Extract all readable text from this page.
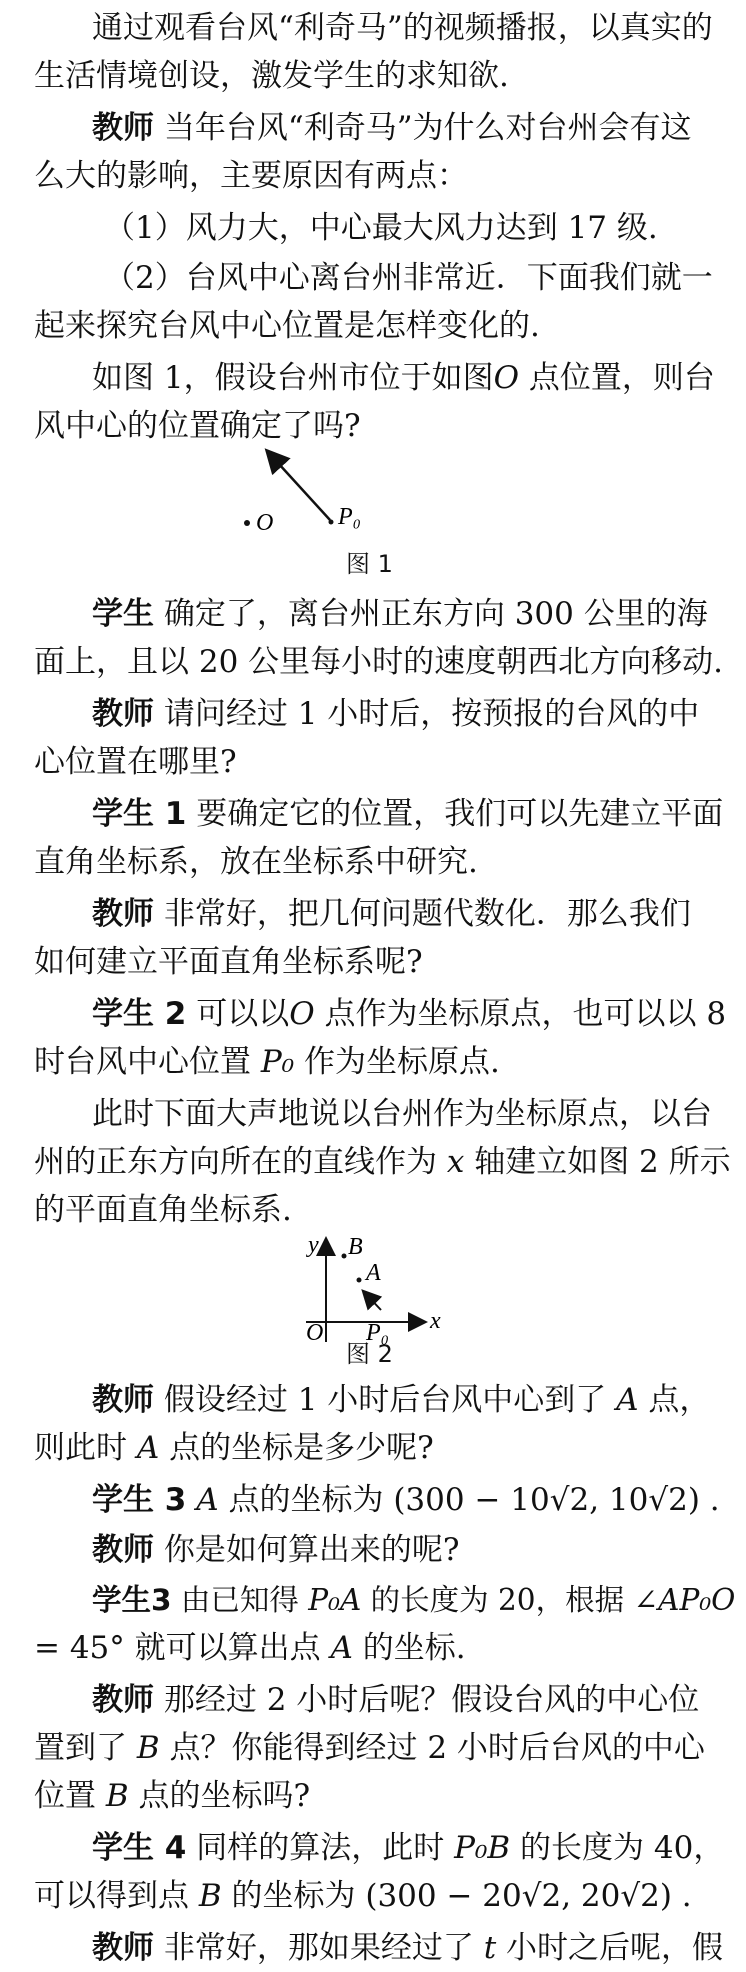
通过观看台风“利奇马”的视频播报，以真实的
生活情境创设，激发学生的求知欲.
教师 当年台风“利奇马”为什么对台州会有这
么大的影响，主要原因有两点：
（1）风力大，中心最大风力达到 17 级.
（2）台风中心离台州非常近．下面我们就一
起来探究台风中心位置是怎样变化的.
如图 1，假设台州市位于如图O 点位置，则台
风中心的位置确定了吗?
学生 确定了，离台州正东方向 300 公里的海
面上，且以 20 公里每小时的速度朝西北方向移动.
教师 请问经过 1 小时后，按预报的台风的中
心位置在哪里?
学生 1 要确定它的位置，我们可以先建立平面
直角坐标系，放在坐标系中研究.
教师 非常好，把几何问题代数化．那么我们
如何建立平面直角坐标系呢?
学生 2 可以以O 点作为坐标原点，也可以以 8
时台风中心位置 P₀ 作为坐标原点.
此时下面大声地说以台州作为坐标原点，以台
州的正东方向所在的直线作为 x 轴建立如图 2 所示
的平面直角坐标系.
教师 假设经过 1 小时后台风中心到了 A 点，
则此时 A 点的坐标是多少呢?
学生 3 A 点的坐标为 (300 − 10√2, 10√2) .
教师 你是如何算出来的呢?
学生3 由已知得 P₀A 的长度为 20，根据 ∠AP₀O
= 45° 就可以算出点 A 的坐标.
教师 那经过 2 小时后呢？假设台风的中心位
置到了 B 点？你能得到经过 2 小时后台风的中心
位置 B 点的坐标吗?
学生 4 同样的算法，此时 P₀B 的长度为 40，
可以得到点 B 的坐标为 (300 − 20√2, 20√2) .
教师 非常好，那如果经过了 t 小时之后呢，假
O	P₀
图 1
y B
A
O P₀ x
图 2
